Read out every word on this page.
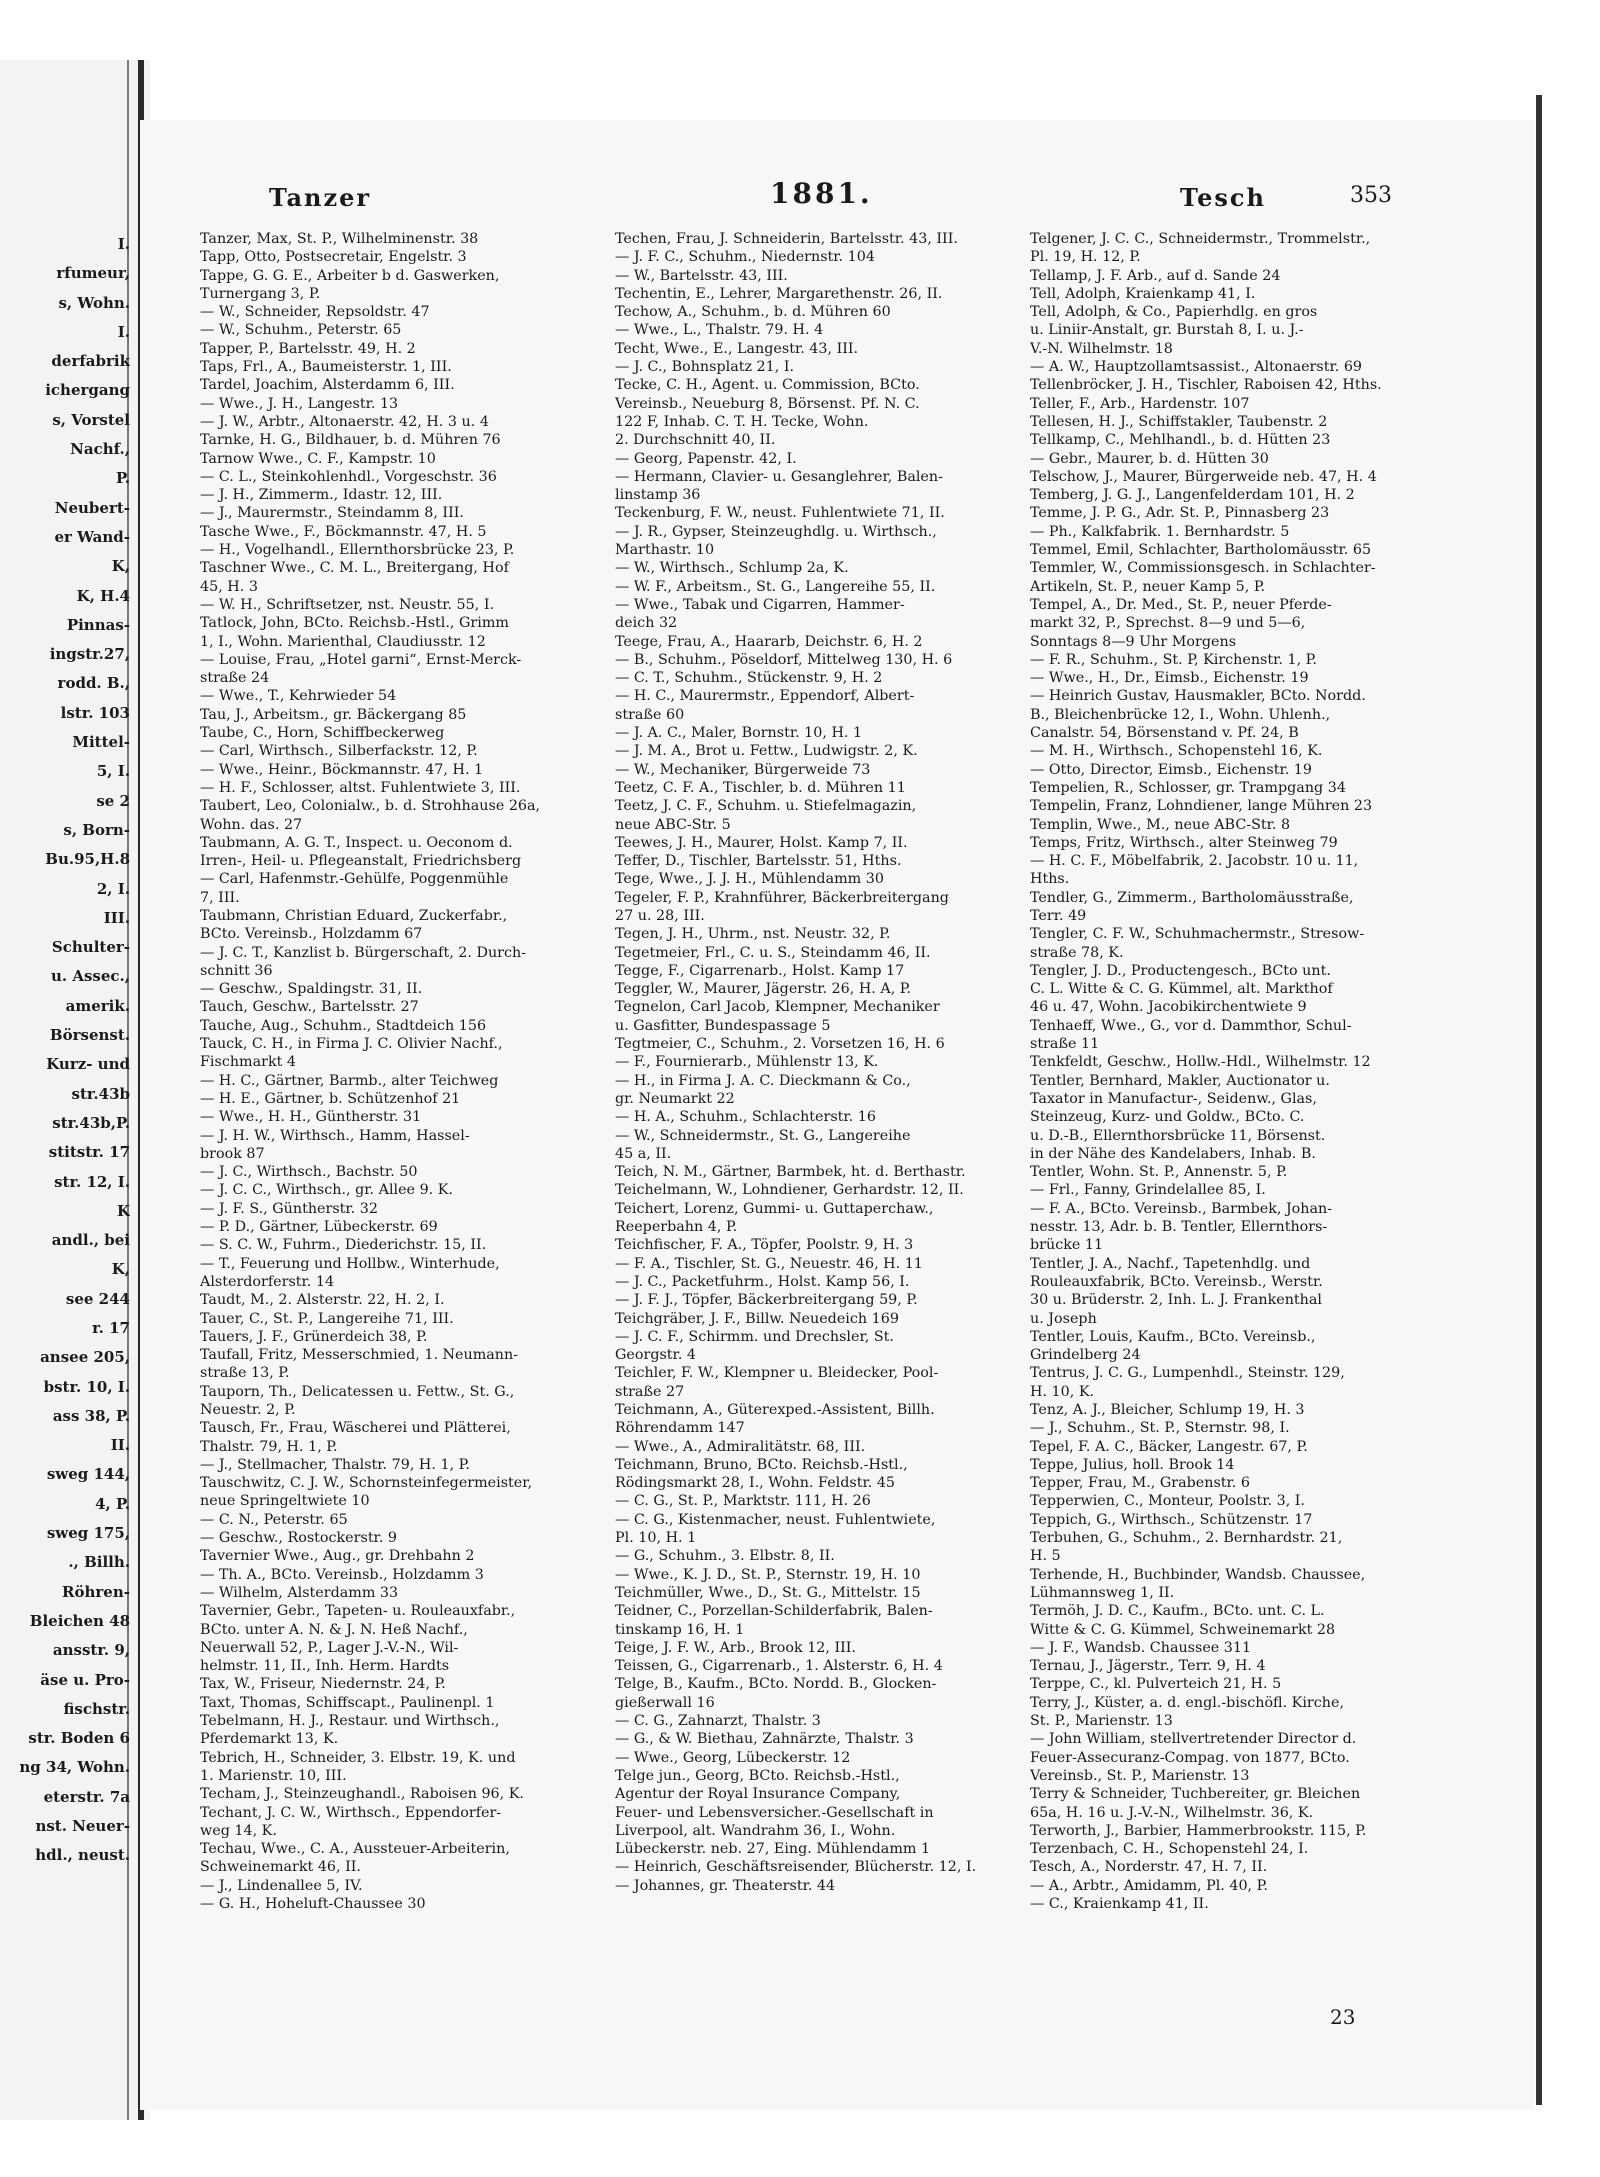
I.
rfumeur,
s, Wohn.
I.
derfabrik
ichergang
s, Vorstel
Nachf.,
P.
Neubert-
er Wand-
K,
K, H.4
Pinnas-
ingstr.27,
rodd. B.,
lstr. 103
Mittel-
5, I.
se 2
s, Born-
Bu.95,H.8
2, I.
III.
Schulter-
u. Assec.,
amerik.
Börsenst.
Kurz- und
str.43b
str.43b,P.
stitstr. 17
str. 12, I.
K
andl., bei
K,
see 244
r. 17
ansee 205,
bstr. 10, I.
ass 38, P.
II.
sweg 144,
4, P.
sweg 175,
., Billh.
Röhren-
Bleichen 48
ansstr. 9,
äse u. Pro-
fischstr.
str. Boden 6
ng 34, Wohn.
eterstr. 7a
nst. Neuer-
hdl., neust.
Tanzer	1881.	Tesch	353
Tanzer, Max, St. P., Wilhelminenstr. 38
Tapp, Otto, Postsecretair, Engelstr. 3
Tappe, G. G. E., Arbeiter b d. Gaswerken,
Turnergang 3, P.
— W., Schneider, Repsoldstr. 47
— W., Schuhm., Peterstr. 65
Tapper, P., Bartelsstr. 49, H. 2
Taps, Frl., A., Baumeisterstr. 1, III.
Tardel, Joachim, Alsterdamm 6, III.
— Wwe., J. H., Langestr. 13
— J. W., Arbtr., Altonaerstr. 42, H. 3 u. 4
Tarnke, H. G., Bildhauer, b. d. Mühren 76
Tarnow Wwe., C. F., Kampstr. 10
— C. L., Steinkohlenhdl., Vorgeschstr. 36
— J. H., Zimmerm., Idastr. 12, III.
— J., Maurermstr., Steindamm 8, III.
Tasche Wwe., F., Böckmannstr. 47, H. 5
— H., Vogelhandl., Ellernthorsbrücke 23, P.
Taschner Wwe., C. M. L., Breitergang, Hof
45, H. 3
— W. H., Schriftsetzer, nst. Neustr. 55, I.
Tatlock, John, BCto. Reichsb.-Hstl., Grimm
1, I., Wohn. Marienthal, Claudiusstr. 12
— Louise, Frau, „Hotel garni“, Ernst-Merck-
straße 24
— Wwe., T., Kehrwieder 54
Tau, J., Arbeitsm., gr. Bäckergang 85
Taube, C., Horn, Schiffbeckerweg
— Carl, Wirthsch., Silberfackstr. 12, P.
— Wwe., Heinr., Böckmannstr. 47, H. 1
— H. F., Schlosser, altst. Fuhlentwiete 3, III.
Taubert, Leo, Colonialw., b. d. Strohhause 26a,
Wohn. das. 27
Taubmann, A. G. T., Inspect. u. Oeconom d.
Irren-, Heil- u. Pflegeanstalt, Friedrichsberg
— Carl, Hafenmstr.-Gehülfe, Poggenmühle
7, III.
Taubmann, Christian Eduard, Zuckerfabr.,
BCto. Vereinsb., Holzdamm 67
— J. C. T., Kanzlist b. Bürgerschaft, 2. Durch-
schnitt 36
— Geschw., Spaldingstr. 31, II.
Tauch, Geschw., Bartelsstr. 27
Tauche, Aug., Schuhm., Stadtdeich 156
Tauck, C. H., in Firma J. C. Olivier Nachf.,
Fischmarkt 4
— H. C., Gärtner, Barmb., alter Teichweg
— H. E., Gärtner, b. Schützenhof 21
— Wwe., H. H., Güntherstr. 31
— J. H. W., Wirthsch., Hamm, Hassel-
brook 87
— J. C., Wirthsch., Bachstr. 50
— J. C. C., Wirthsch., gr. Allee 9. K.
— J. F. S., Güntherstr. 32
— P. D., Gärtner, Lübeckerstr. 69
— S. C. W., Fuhrm., Diederichstr. 15, II.
— T., Feuerung und Hollbw., Winterhude,
Alsterdorferstr. 14
Taudt, M., 2. Alsterstr. 22, H. 2, I.
Tauer, C., St. P., Langereihe 71, III.
Tauers, J. F., Grünerdeich 38, P.
Taufall, Fritz, Messerschmied, 1. Neumann-
straße 13, P.
Tauporn, Th., Delicatessen u. Fettw., St. G.,
Neuestr. 2, P.
Tausch, Fr., Frau, Wäscherei und Plätterei,
Thalstr. 79, H. 1, P.
— J., Stellmacher, Thalstr. 79, H. 1, P.
Tauschwitz, C. J. W., Schornsteinfegermeister,
neue Springeltwiete 10
— C. N., Peterstr. 65
— Geschw., Rostockerstr. 9
Tavernier Wwe., Aug., gr. Drehbahn 2
— Th. A., BCto. Vereinsb., Holzdamm 3
— Wilhelm, Alsterdamm 33
Tavernier, Gebr., Tapeten- u. Rouleauxfabr.,
BCto. unter A. N. & J. N. Heß Nachf.,
Neuerwall 52, P., Lager J.-V.-N., Wil-
helmstr. 11, II., Inh. Herm. Hardts
Tax, W., Friseur, Niedernstr. 24, P.
Taxt, Thomas, Schiffscapt., Paulinenpl. 1
Tebelmann, H. J., Restaur. und Wirthsch.,
Pferdemarkt 13, K.
Tebrich, H., Schneider, 3. Elbstr. 19, K. und
1. Marienstr. 10, III.
Techam, J., Steinzeughandl., Raboisen 96, K.
Techant, J. C. W., Wirthsch., Eppendorfer-
weg 14, K.
Techau, Wwe., C. A., Aussteuer-Arbeiterin,
Schweinemarkt 46, II.
— J., Lindenallee 5, IV.
— G. H., Hoheluft-Chaussee 30
Techen, Frau, J. Schneiderin, Bartelsstr. 43, III.
— J. F. C., Schuhm., Niedernstr. 104
— W., Bartelsstr. 43, III.
Techentin, E., Lehrer, Margarethenstr. 26, II.
Techow, A., Schuhm., b. d. Mühren 60
— Wwe., L., Thalstr. 79. H. 4
Techt, Wwe., E., Langestr. 43, III.
— J. C., Bohnsplatz 21, I.
Tecke, C. H., Agent. u. Commission, BCto.
Vereinsb., Neueburg 8, Börsenst. Pf. N. C.
122 F, Inhab. C. T. H. Tecke, Wohn.
2. Durchschnitt 40, II.
— Georg, Papenstr. 42, I.
— Hermann, Clavier- u. Gesanglehrer, Balen-
linstamp 36
Teckenburg, F. W., neust. Fuhlentwiete 71, II.
— J. R., Gypser, Steinzeughdlg. u. Wirthsch.,
Marthastr. 10
— W., Wirthsch., Schlump 2a, K.
— W. F., Arbeitsm., St. G., Langereihe 55, II.
— Wwe., Tabak und Cigarren, Hammer-
deich 32
Teege, Frau, A., Haararb, Deichstr. 6, H. 2
— B., Schuhm., Pöseldorf, Mittelweg 130, H. 6
— C. T., Schuhm., Stückenstr. 9, H. 2
— H. C., Maurermstr., Eppendorf, Albert-
straße 60
— J. A. C., Maler, Bornstr. 10, H. 1
— J. M. A., Brot u. Fettw., Ludwigstr. 2, K.
— W., Mechaniker, Bürgerweide 73
Teetz, C. F. A., Tischler, b. d. Mühren 11
Teetz, J. C. F., Schuhm. u. Stiefelmagazin,
neue ABC-Str. 5
Teewes, J. H., Maurer, Holst. Kamp 7, II.
Teffer, D., Tischler, Bartelsstr. 51, Hths.
Tege, Wwe., J. J. H., Mühlendamm 30
Tegeler, F. P., Krahnführer, Bäckerbreitergang
27 u. 28, III.
Tegen, J. H., Uhrm., nst. Neustr. 32, P.
Tegetmeier, Frl., C. u. S., Steindamm 46, II.
Tegge, F., Cigarrenarb., Holst. Kamp 17
Teggler, W., Maurer, Jägerstr. 26, H. A, P.
Tegnelon, Carl Jacob, Klempner, Mechaniker
u. Gasfitter, Bundespassage 5
Tegtmeier, C., Schuhm., 2. Vorsetzen 16, H. 6
— F., Fournierarb., Mühlenstr 13, K.
— H., in Firma J. A. C. Dieckmann & Co.,
gr. Neumarkt 22
— H. A., Schuhm., Schlachterstr. 16
— W., Schneidermstr., St. G., Langereihe
45 a, II.
Teich, N. M., Gärtner, Barmbek, ht. d. Berthastr.
Teichelmann, W., Lohndiener, Gerhardstr. 12, II.
Teichert, Lorenz, Gummi- u. Guttaperchaw.,
Reeperbahn 4, P.
Teichfischer, F. A., Töpfer, Poolstr. 9, H. 3
— F. A., Tischler, St. G., Neuestr. 46, H. 11
— J. C., Packetfuhrm., Holst. Kamp 56, I.
— J. F. J., Töpfer, Bäckerbreitergang 59, P.
Teichgräber, J. F., Billw. Neuedeich 169
— J. C. F., Schirmm. und Drechsler, St.
Georgstr. 4
Teichler, F. W., Klempner u. Bleidecker, Pool-
straße 27
Teichmann, A., Güterexped.-Assistent, Billh.
Röhrendamm 147
— Wwe., A., Admiralitätstr. 68, III.
Teichmann, Bruno, BCto. Reichsb.-Hstl.,
Rödingsmarkt 28, I., Wohn. Feldstr. 45
— C. G., St. P., Marktstr. 111, H. 26
— C. G., Kistenmacher, neust. Fuhlentwiete,
Pl. 10, H. 1
— G., Schuhm., 3. Elbstr. 8, II.
— Wwe., K. J. D., St. P., Sternstr. 19, H. 10
Teichmüller, Wwe., D., St. G., Mittelstr. 15
Teidner, C., Porzellan-Schilderfabrik, Balen-
tinskamp 16, H. 1
Teige, J. F. W., Arb., Brook 12, III.
Teissen, G., Cigarrenarb., 1. Alsterstr. 6, H. 4
Telge, B., Kaufm., BCto. Nordd. B., Glocken-
gießerwall 16
— C. G., Zahnarzt, Thalstr. 3
— G., & W. Biethau, Zahnärzte, Thalstr. 3
— Wwe., Georg, Lübeckerstr. 12
Telge jun., Georg, BCto. Reichsb.-Hstl.,
Agentur der Royal Insurance Company,
Feuer- und Lebensversicher.-Gesellschaft in
Liverpool, alt. Wandrahm 36, I., Wohn.
Lübeckerstr. neb. 27, Eing. Mühlendamm 1
— Heinrich, Geschäftsreisender, Blücherstr. 12, I.
— Johannes, gr. Theaterstr. 44
Telgener, J. C. C., Schneidermstr., Trommelstr.,
Pl. 19, H. 12, P.
Tellamp, J. F. Arb., auf d. Sande 24
Tell, Adolph, Kraienkamp 41, I.
Tell, Adolph, & Co., Papierhdlg. en gros
u. Liniir-Anstalt, gr. Burstah 8, I. u. J.-
V.-N. Wilhelmstr. 18
— A. W., Hauptzollamtsassist., Altonaerstr. 69
Tellenbröcker, J. H., Tischler, Raboisen 42, Hths.
Teller, F., Arb., Hardenstr. 107
Tellesen, H. J., Schiffstakler, Taubenstr. 2
Tellkamp, C., Mehlhandl., b. d. Hütten 23
— Gebr., Maurer, b. d. Hütten 30
Telschow, J., Maurer, Bürgerweide neb. 47, H. 4
Temberg, J. G. J., Langenfelderdam 101, H. 2
Temme, J. P. G., Adr. St. P., Pinnasberg 23
— Ph., Kalkfabrik. 1. Bernhardstr. 5
Temmel, Emil, Schlachter, Bartholomäusstr. 65
Temmler, W., Commissionsgesch. in Schlachter-
Artikeln, St. P., neuer Kamp 5, P.
Tempel, A., Dr. Med., St. P., neuer Pferde-
markt 32, P., Sprechst. 8—9 und 5—6,
Sonntags 8—9 Uhr Morgens
— F. R., Schuhm., St. P, Kirchenstr. 1, P.
— Wwe., H., Dr., Eimsb., Eichenstr. 19
— Heinrich Gustav, Hausmakler, BCto. Nordd.
B., Bleichenbrücke 12, I., Wohn. Uhlenh.,
Canalstr. 54, Börsenstand v. Pf. 24, B
— M. H., Wirthsch., Schopenstehl 16, K.
— Otto, Director, Eimsb., Eichenstr. 19
Tempelien, R., Schlosser, gr. Trampgang 34
Tempelin, Franz, Lohndiener, lange Mühren 23
Templin, Wwe., M., neue ABC-Str. 8
Temps, Fritz, Wirthsch., alter Steinweg 79
— H. C. F., Möbelfabrik, 2. Jacobstr. 10 u. 11,
Hths.
Tendler, G., Zimmerm., Bartholomäusstraße,
Terr. 49
Tengler, C. F. W., Schuhmachermstr., Stresow-
straße 78, K.
Tengler, J. D., Productengesch., BCto unt.
C. L. Witte & C. G. Kümmel, alt. Markthof
46 u. 47, Wohn. Jacobikirchentwiete 9
Tenhaeff, Wwe., G., vor d. Dammthor, Schul-
straße 11
Tenkfeldt, Geschw., Hollw.-Hdl., Wilhelmstr. 12
Tentler, Bernhard, Makler, Auctionator u.
Taxator in Manufactur-, Seidenw., Glas,
Steinzeug, Kurz- und Goldw., BCto. C.
u. D.-B., Ellernthorsbrücke 11, Börsenst.
in der Nähe des Kandelabers, Inhab. B.
Tentler, Wohn. St. P., Annenstr. 5, P.
— Frl., Fanny, Grindelallee 85, I.
— F. A., BCto. Vereinsb., Barmbek, Johan-
nesstr. 13, Adr. b. B. Tentler, Ellernthors-
brücke 11
Tentler, J. A., Nachf., Tapetenhdlg. und
Rouleauxfabrik, BCto. Vereinsb., Werstr.
30 u. Brüderstr. 2, Inh. L. J. Frankenthal
u. Joseph
Tentler, Louis, Kaufm., BCto. Vereinsb.,
Grindelberg 24
Tentrus, J. C. G., Lumpenhdl., Steinstr. 129,
H. 10, K.
Tenz, A. J., Bleicher, Schlump 19, H. 3
— J., Schuhm., St. P., Sternstr. 98, I.
Tepel, F. A. C., Bäcker, Langestr. 67, P.
Teppe, Julius, holl. Brook 14
Tepper, Frau, M., Grabenstr. 6
Tepperwien, C., Monteur, Poolstr. 3, I.
Teppich, G., Wirthsch., Schützenstr. 17
Terbuhen, G., Schuhm., 2. Bernhardstr. 21,
H. 5
Terhende, H., Buchbinder, Wandsb. Chaussee,
Lühmannsweg 1, II.
Termöh, J. D. C., Kaufm., BCto. unt. C. L.
Witte & C. G. Kümmel, Schweinemarkt 28
— J. F., Wandsb. Chaussee 311
Ternau, J., Jägerstr., Terr. 9, H. 4
Terppe, C., kl. Pulverteich 21, H. 5
Terry, J., Küster, a. d. engl.-bischöfl. Kirche,
St. P., Marienstr. 13
— John William, stellvertretender Director d.
Feuer-Assecuranz-Compag. von 1877, BCto.
Vereinsb., St. P., Marienstr. 13
Terry & Schneider, Tuchbereiter, gr. Bleichen
65a, H. 16 u. J.-V.-N., Wilhelmstr. 36, K.
Terworth, J., Barbier, Hammerbrookstr. 115, P.
Terzenbach, C. H., Schopenstehl 24, I.
Tesch, A., Norderstr. 47, H. 7, II.
— A., Arbtr., Amidamm, Pl. 40, P.
— C., Kraienkamp 41, II.
23
